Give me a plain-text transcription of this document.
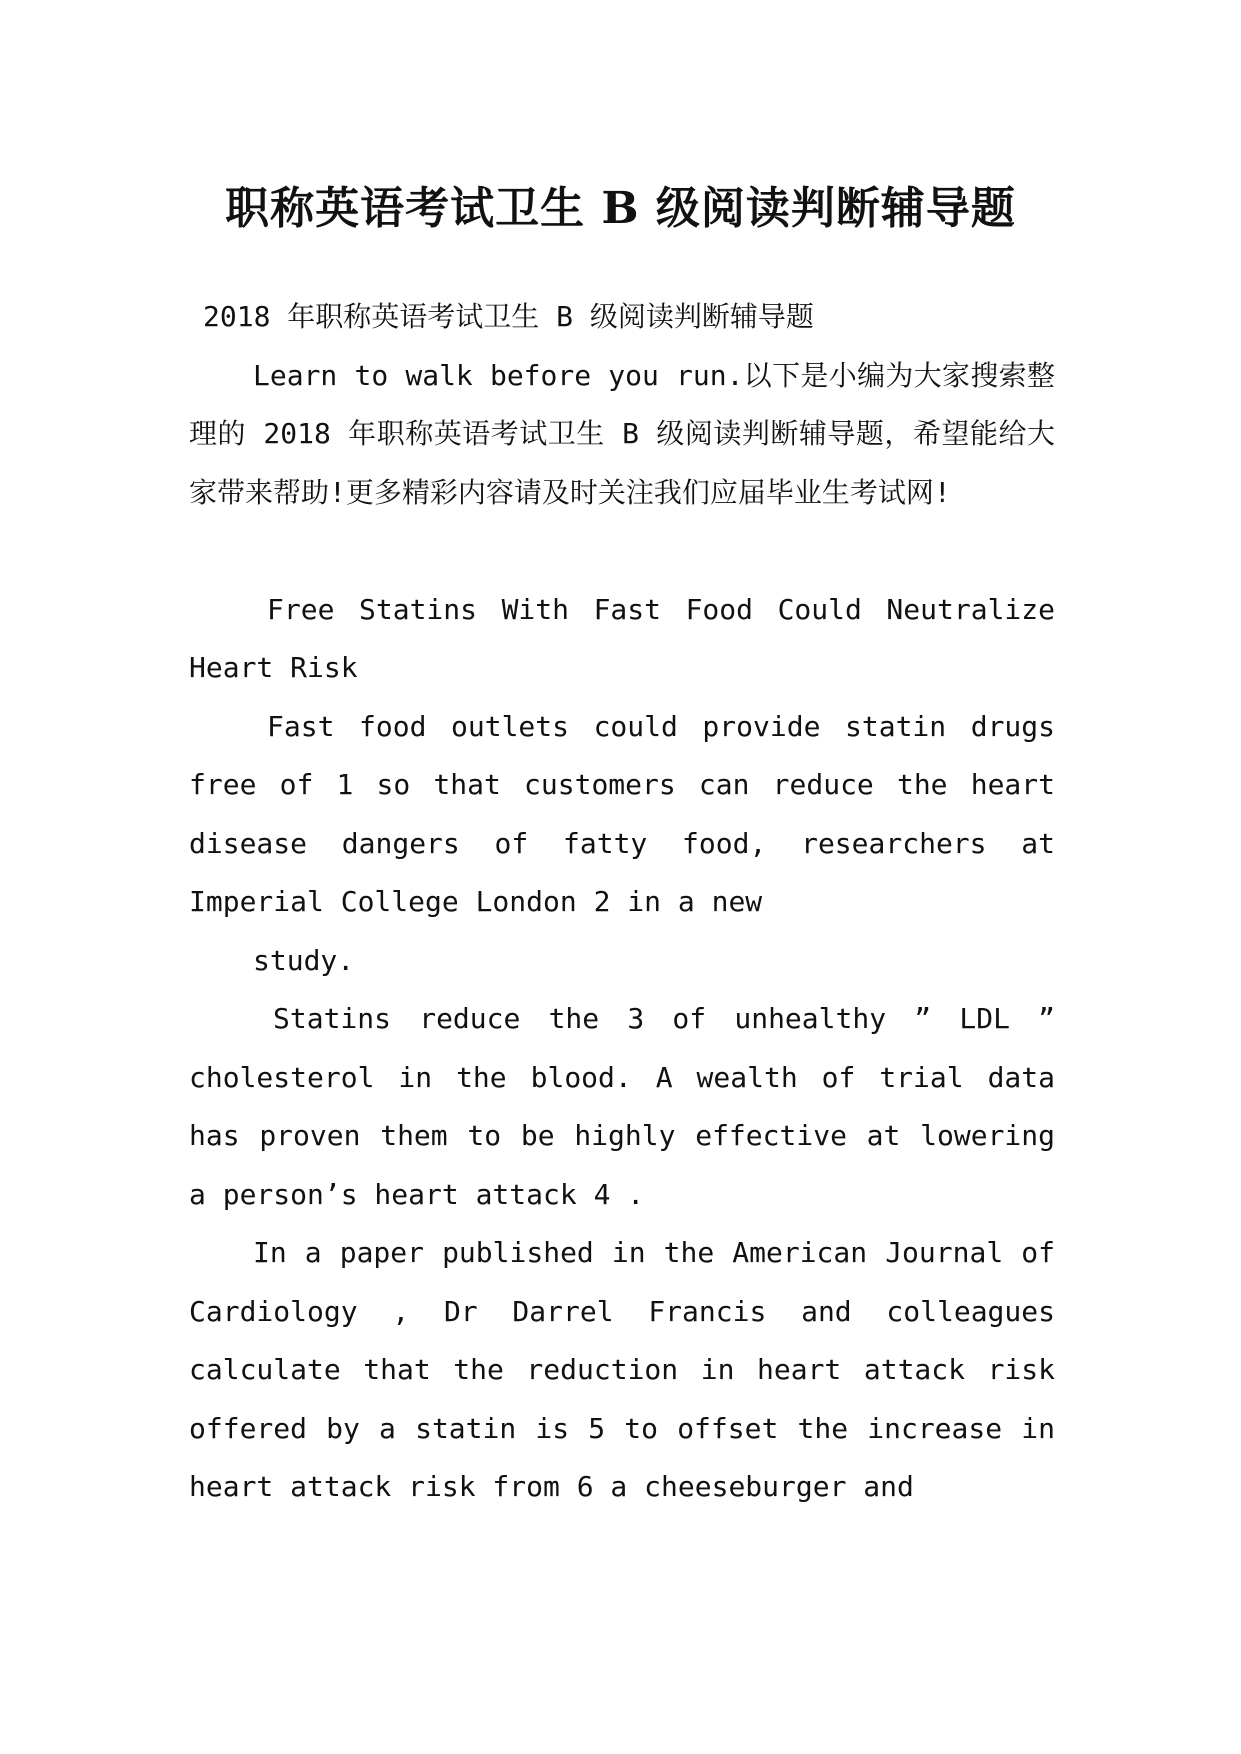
职称英语考试卫生 B 级阅读判断辅导题

2018 年职称英语考试卫生 B 级阅读判断辅导题

Learn to walk before you run.以下是小编为大家搜索整理的 2018 年职称英语考试卫生 B 级阅读判断辅导题，希望能给大家带来帮助!更多精彩内容请及时关注我们应届毕业生考试网!

Free Statins With Fast Food Could Neutralize Heart Risk

Fast food outlets could provide statin drugs free of 1 so that customers can reduce the heart disease dangers of fatty food, researchers at Imperial College London 2 in a new

study.

Statins reduce the 3 of unhealthy ” LDL ” cholesterol in the blood. A wealth of trial data has proven them to be highly effective at lowering a person’s heart attack 4 .

In a paper published in the American Journal of Cardiology , Dr Darrel Francis and colleagues calculate that the reduction in heart attack risk offered by a statin is 5 to offset the increase in heart attack risk from 6 a cheeseburger and
